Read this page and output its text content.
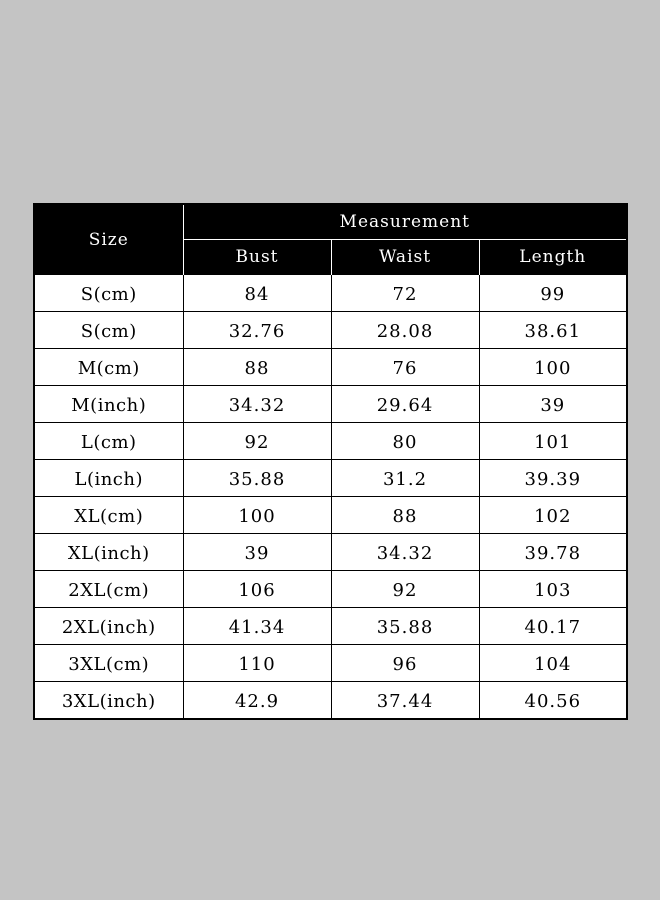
Size	Measurement		
	Bust	Waist	Length
S(cm)	84	72	99
S(cm)	32.76	28.08	38.61
M(cm)	88	76	100
M(inch)	34.32	29.64	39
L(cm)	92	80	101
L(inch)	35.88	31.2	39.39
XL(cm)	100	88	102
XL(inch)	39	34.32	39.78
2XL(cm)	106	92	103
2XL(inch)	41.34	35.88	40.17
3XL(cm)	110	96	104
3XL(inch)	42.9	37.44	40.56
